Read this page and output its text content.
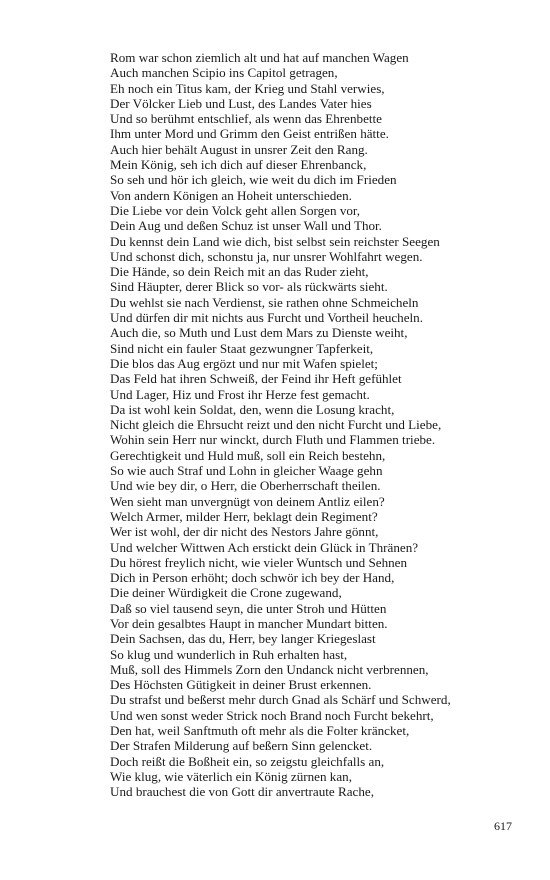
Rom war schon ziemlich alt und hat auf manchen Wagen
Auch manchen Scipio ins Capitol getragen,
Eh noch ein Titus kam, der Krieg und Stahl verwies,
Der Völcker Lieb und Lust, des Landes Vater hies
Und so berühmt entschlief, als wenn das Ehrenbette
Ihm unter Mord und Grimm den Geist entrißen hätte.
Auch hier behält August in unsrer Zeit den Rang.
Mein König, seh ich dich auf dieser Ehrenbanck,
So seh und hör ich gleich, wie weit du dich im Frieden
Von andern Königen an Hoheit unterschieden.
Die Liebe vor dein Volck geht allen Sorgen vor,
Dein Aug und deßen Schuz ist unser Wall und Thor.
Du kennst dein Land wie dich, bist selbst sein reichster Seegen
Und schonst dich, schonstu ja, nur unsrer Wohlfahrt wegen.
Die Hände, so dein Reich mit an das Ruder zieht,
Sind Häupter, derer Blick so vor- als rückwärts sieht.
Du wehlst sie nach Verdienst, sie rathen ohne Schmeicheln
Und dürfen dir mit nichts aus Furcht und Vortheil heucheln.
Auch die, so Muth und Lust dem Mars zu Dienste weiht,
Sind nicht ein fauler Staat gezwungner Tapferkeit,
Die blos das Aug ergözt und nur mit Wafen spielet;
Das Feld hat ihren Schweiß, der Feind ihr Heft gefühlet
Und Lager, Hiz und Frost ihr Herze fest gemacht.
Da ist wohl kein Soldat, den, wenn die Losung kracht,
Nicht gleich die Ehrsucht reizt und den nicht Furcht und Liebe,
Wohin sein Herr nur winckt, durch Fluth und Flammen triebe.
Gerechtigkeit und Huld muß, soll ein Reich bestehn,
So wie auch Straf und Lohn in gleicher Waage gehn
Und wie bey dir, o Herr, die Oberherrschaft theilen.
Wen sieht man unvergnügt von deinem Antliz eilen?
Welch Armer, milder Herr, beklagt dein Regiment?
Wer ist wohl, der dir nicht des Nestors Jahre gönnt,
Und welcher Wittwen Ach erstickt dein Glück in Thränen?
Du hörest freylich nicht, wie vieler Wuntsch und Sehnen
Dich in Person erhöht; doch schwör ich bey der Hand,
Die deiner Würdigkeit die Crone zugewand,
Daß so viel tausend seyn, die unter Stroh und Hütten
Vor dein gesalbtes Haupt in mancher Mundart bitten.
Dein Sachsen, das du, Herr, bey langer Kriegeslast
So klug und wunderlich in Ruh erhalten hast,
Muß, soll des Himmels Zorn den Undanck nicht verbrennen,
Des Höchsten Gütigkeit in deiner Brust erkennen.
Du strafst und beßerst mehr durch Gnad als Schärf und Schwerd,
Und wen sonst weder Strick noch Brand noch Furcht bekehrt,
Den hat, weil Sanftmuth oft mehr als die Folter kräncket,
Der Strafen Milderung auf beßern Sinn gelencket.
Doch reißt die Boßheit ein, so zeigstu gleichfalls an,
Wie klug, wie väterlich ein König zürnen kan,
Und brauchest die von Gott dir anvertraute Rache,
617
